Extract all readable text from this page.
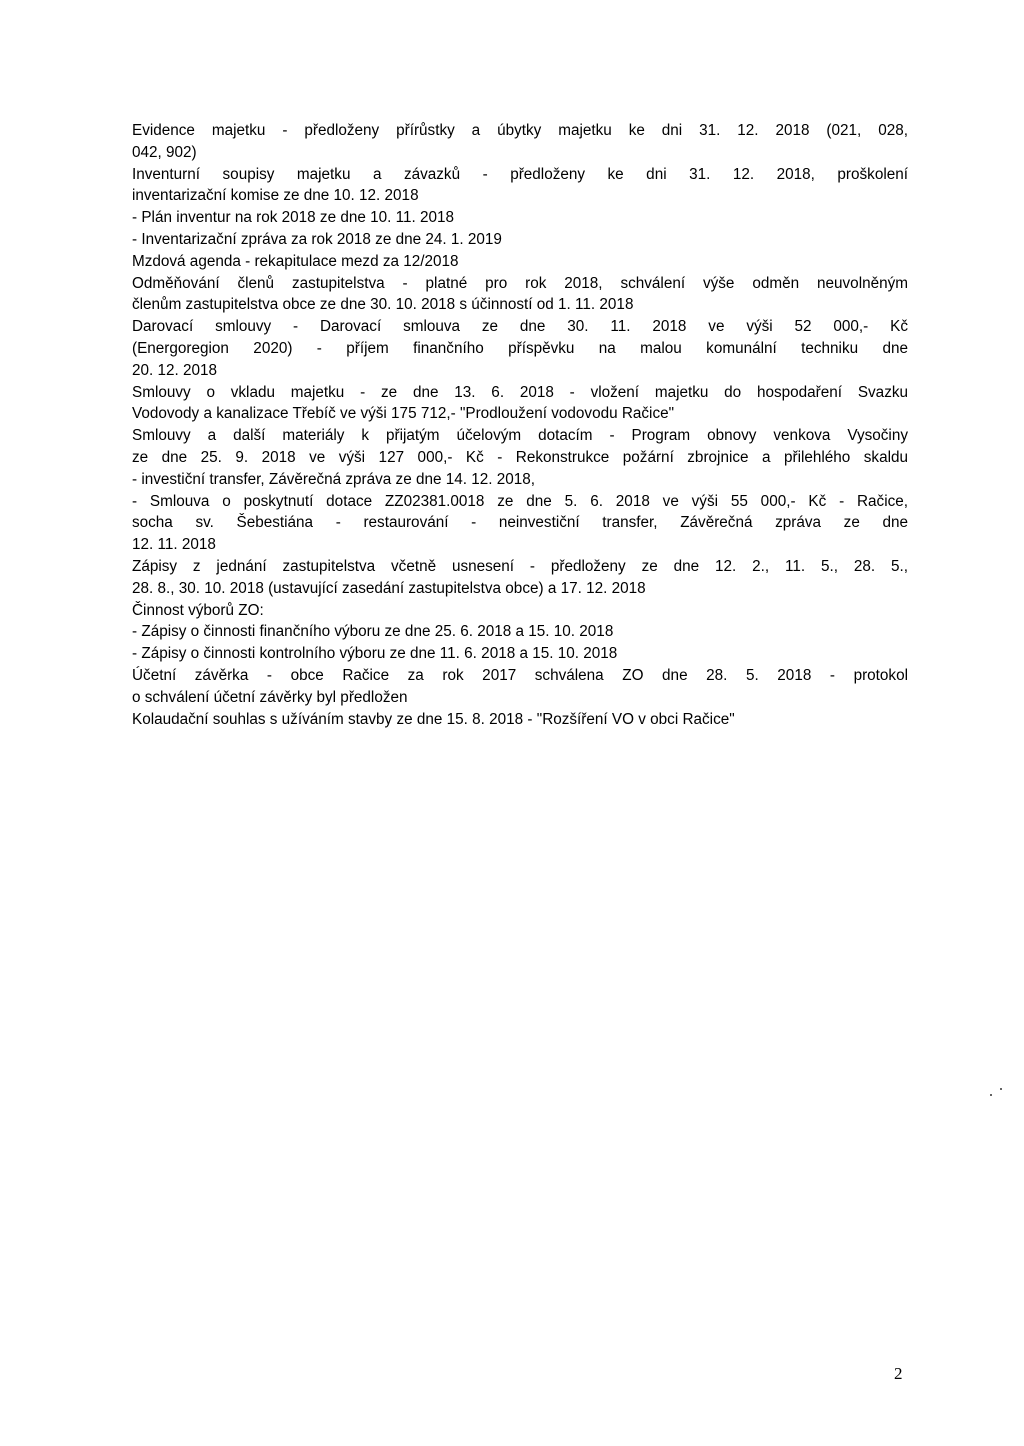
Evidence majetku - předloženy přírůstky a úbytky majetku ke dni 31. 12. 2018 (021, 028,
042, 902)
Inventurní soupisy majetku a závazků - předloženy ke dni 31. 12. 2018, proškolení
inventarizační komise ze dne 10. 12. 2018
- Plán inventur na rok 2018 ze dne 10. 11. 2018
- Inventarizační zpráva za rok 2018 ze dne 24. 1. 2019
Mzdová agenda - rekapitulace mezd za 12/2018
Odměňování členů zastupitelstva - platné pro rok 2018, schválení výše odměn neuvolněným
členům zastupitelstva obce ze dne 30. 10. 2018 s účinností od 1. 11. 2018
Darovací smlouvy - Darovací smlouva ze dne 30. 11. 2018 ve výši 52 000,- Kč
(Energoregion 2020) - příjem finančního příspěvku na malou komunální techniku dne
20. 12. 2018
Smlouvy o vkladu majetku - ze dne 13. 6. 2018 - vložení majetku do hospodaření Svazku
Vodovody a kanalizace Třebíč ve výši 175 712,- "Prodloužení vodovodu Račice"
Smlouvy a další materiály k přijatým účelovým dotacím - Program obnovy venkova Vysočiny
ze dne 25. 9. 2018 ve výši 127 000,- Kč - Rekonstrukce požární zbrojnice a přilehlého skaldu
- investiční transfer, Závěrečná zpráva ze dne 14. 12. 2018,
- Smlouva o poskytnutí dotace ZZ02381.0018 ze dne 5. 6. 2018 ve výši 55 000,- Kč - Račice,
socha sv. Šebestiána - restaurování - neinvestiční transfer, Závěrečná zpráva ze dne
12. 11. 2018
Zápisy z jednání zastupitelstva včetně usnesení - předloženy ze dne 12. 2., 11. 5., 28. 5.,
28. 8., 30. 10. 2018 (ustavující zasedání zastupitelstva obce) a 17. 12. 2018
Činnost výborů ZO:
- Zápisy o činnosti finančního výboru ze dne 25. 6. 2018 a 15. 10. 2018
- Zápisy o činnosti kontrolního výboru ze dne 11. 6. 2018 a 15. 10. 2018
Účetní závěrka - obce Račice za rok 2017 schválena ZO dne 28. 5. 2018 - protokol
o schválení účetní závěrky byl předložen
Kolaudační souhlas s užíváním stavby ze dne 15. 8. 2018 - "Rozšíření VO v obci Račice"
2
